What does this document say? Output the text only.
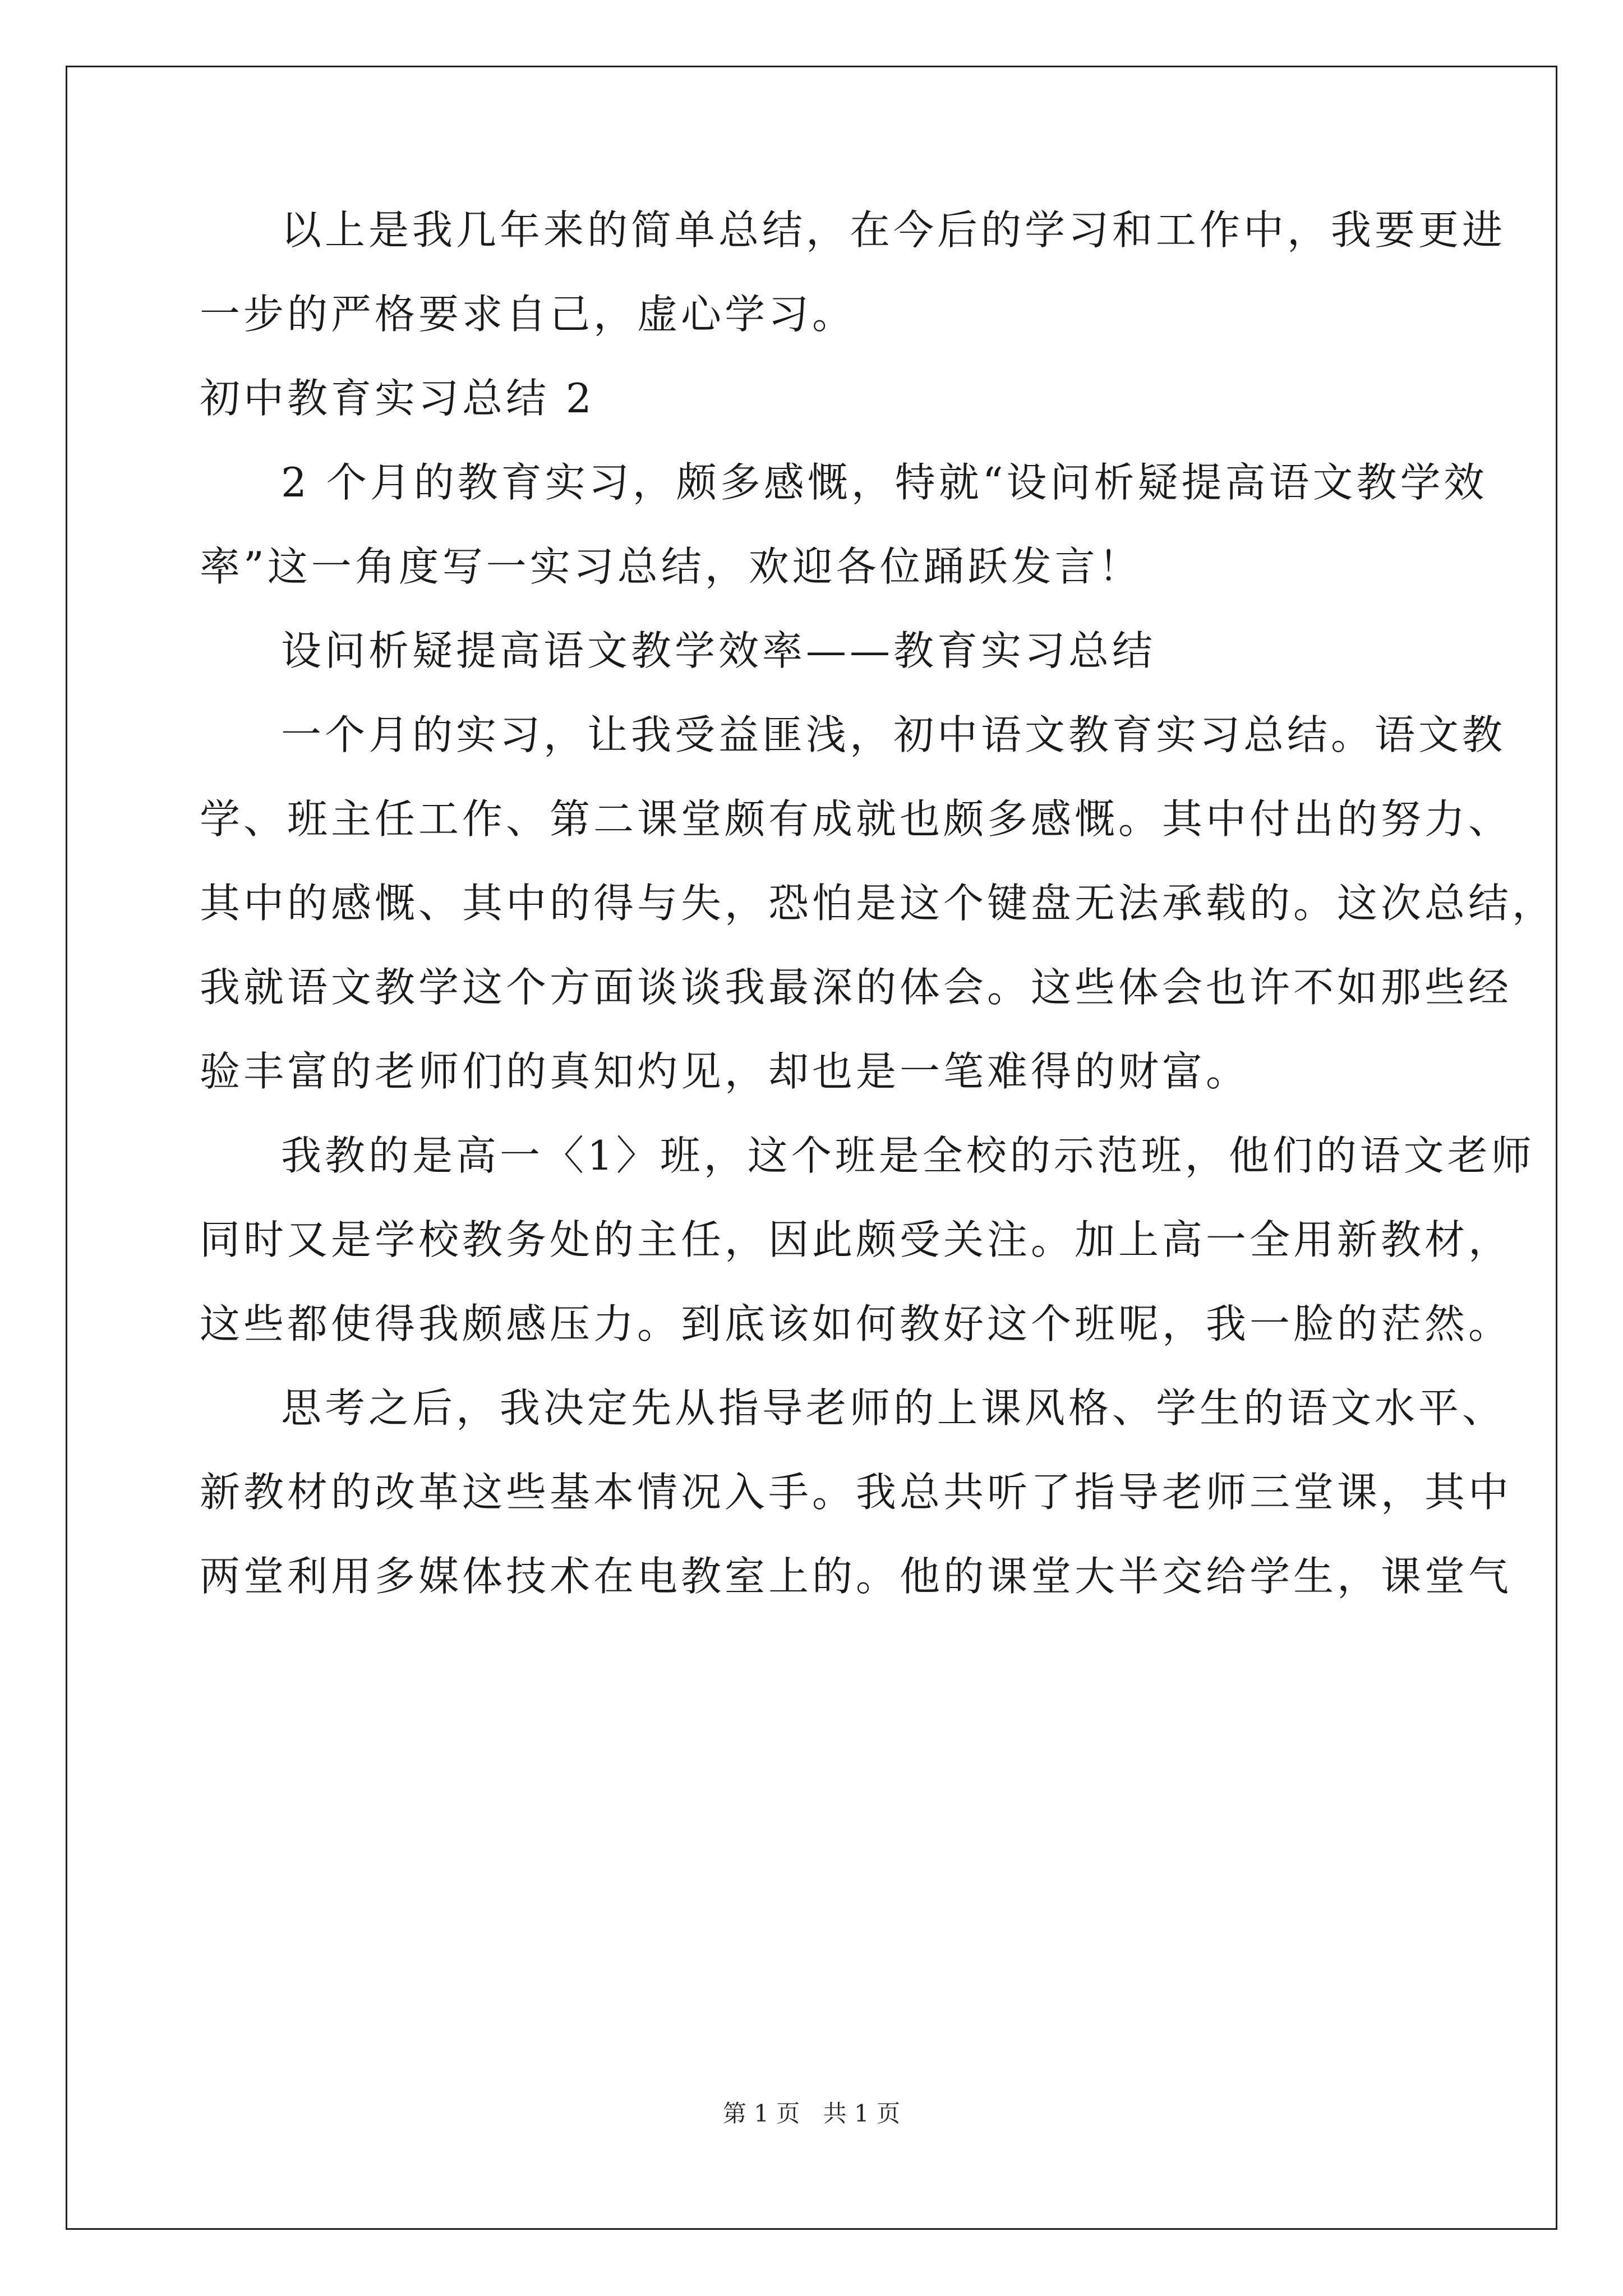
以上是我几年来的简单总结，在今后的学习和工作中，我要更进
一步的严格要求自己，虚心学习。
初中教育实习总结 2
2 个月的教育实习，颇多感慨，特就“设问析疑提高语文教学效
率”这一角度写一实习总结，欢迎各位踊跃发言！
设问析疑提高语文教学效率——教育实习总结
一个月的实习，让我受益匪浅，初中语文教育实习总结。语文教
学、班主任工作、第二课堂颇有成就也颇多感慨。其中付出的努力、
其中的感慨、其中的得与失，恐怕是这个键盘无法承载的。这次总结，
我就语文教学这个方面谈谈我最深的体会。这些体会也许不如那些经
验丰富的老师们的真知灼见，却也是一笔难得的财富。
我教的是高一〈1〉班，这个班是全校的示范班，他们的语文老师
同时又是学校教务处的主任，因此颇受关注。加上高一全用新教材，
这些都使得我颇感压力。到底该如何教好这个班呢，我一脸的茫然。
思考之后，我决定先从指导老师的上课风格、学生的语文水平、
新教材的改革这些基本情况入手。我总共听了指导老师三堂课，其中
两堂利用多媒体技术在电教室上的。他的课堂大半交给学生，课堂气
第 1 页 共 1 页
